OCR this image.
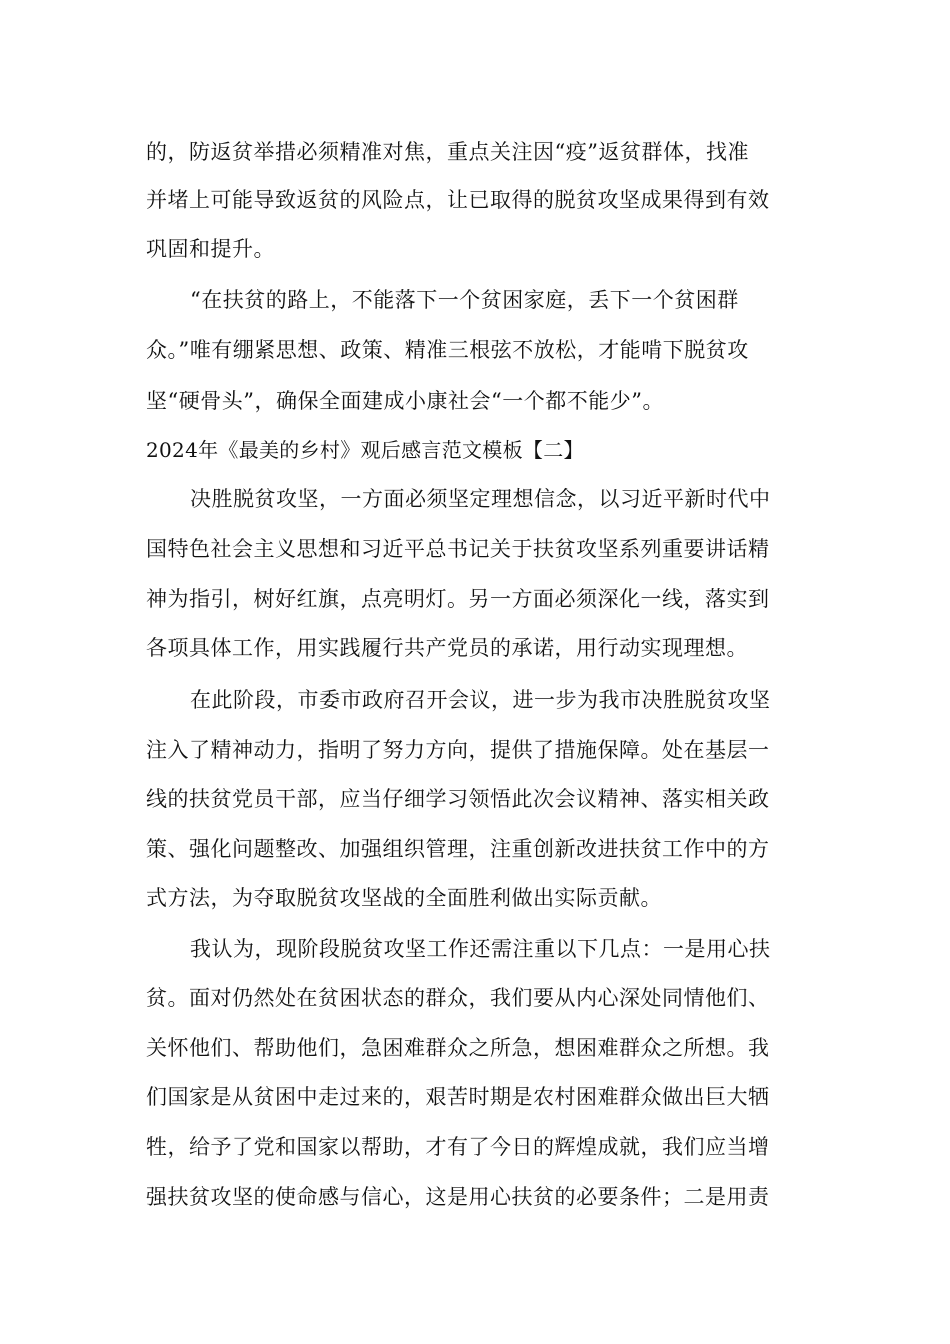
的，防返贫举措必须精准对焦，重点关注因“疫”返贫群体，找准
并堵上可能导致返贫的风险点，让已取得的脱贫攻坚成果得到有效
巩固和提升。
“在扶贫的路上，不能落下一个贫困家庭，丢下一个贫困群
众。”唯有绷紧思想、政策、精准三根弦不放松，才能啃下脱贫攻
坚“硬骨头”，确保全面建成小康社会“一个都不能少”。
2024年《最美的乡村》观后感言范文模板【二】
决胜脱贫攻坚，一方面必须坚定理想信念，以习近平新时代中
国特色社会主义思想和习近平总书记关于扶贫攻坚系列重要讲话精
神为指引，树好红旗，点亮明灯。另一方面必须深化一线，落实到
各项具体工作，用实践履行共产党员的承诺，用行动实现理想。
在此阶段，市委市政府召开会议，进一步为我市决胜脱贫攻坚
注入了精神动力，指明了努力方向，提供了措施保障。处在基层一
线的扶贫党员干部，应当仔细学习领悟此次会议精神、落实相关政
策、强化问题整改、加强组织管理，注重创新改进扶贫工作中的方
式方法，为夺取脱贫攻坚战的全面胜利做出实际贡献。
我认为，现阶段脱贫攻坚工作还需注重以下几点：一是用心扶
贫。面对仍然处在贫困状态的群众，我们要从内心深处同情他们、
关怀他们、帮助他们，急困难群众之所急，想困难群众之所想。我
们国家是从贫困中走过来的，艰苦时期是农村困难群众做出巨大牺
牲，给予了党和国家以帮助，才有了今日的辉煌成就，我们应当增
强扶贫攻坚的使命感与信心，这是用心扶贫的必要条件；二是用责
